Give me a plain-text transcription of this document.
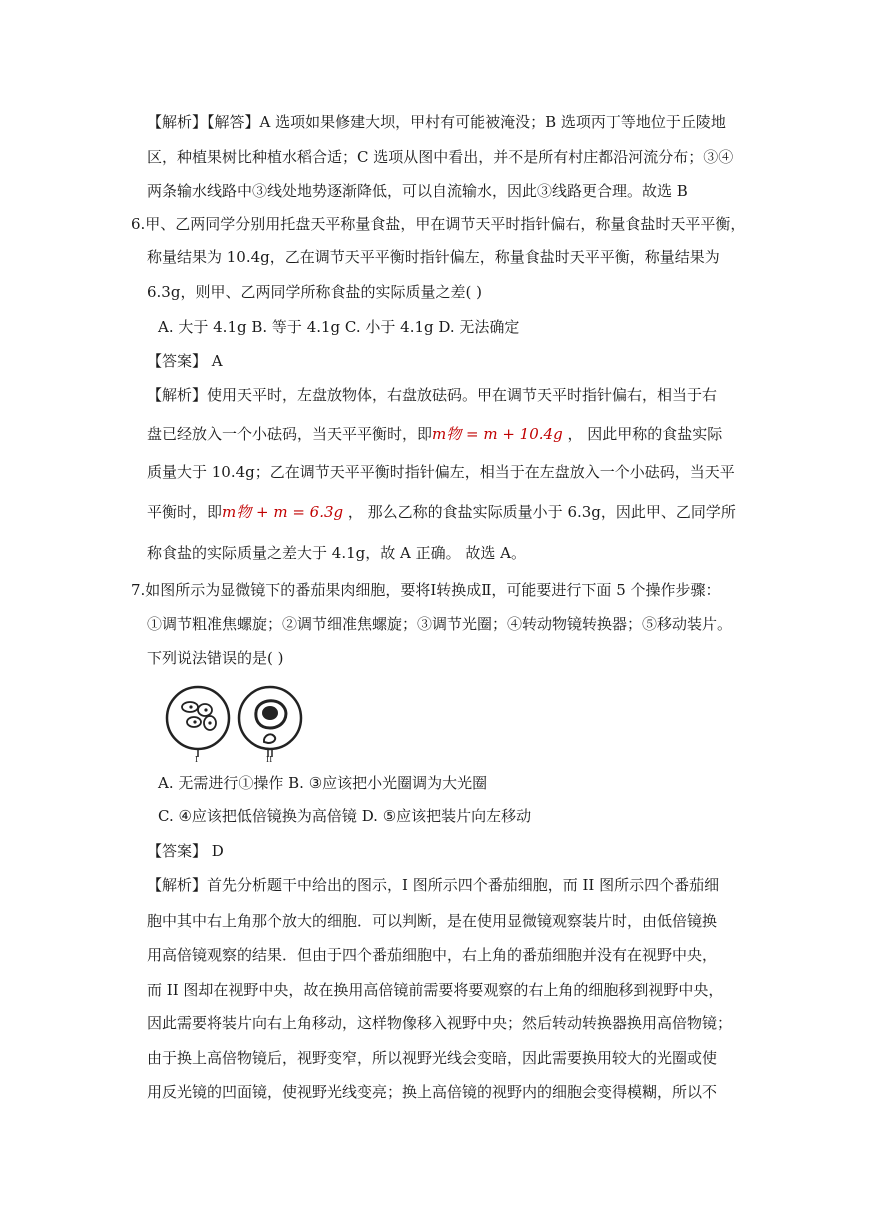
【解析】【解答】A 选项如果修建大坝，甲村有可能被淹没；B 选项丙丁等地位于丘陵地
区，种植果树比种植水稻合适；C 选项从图中看出，并不是所有村庄都沿河流分布；③④
两条输水线路中③线处地势逐渐降低，可以自流输水，因此③线路更合理。故选 B
6.甲、乙两同学分别用托盘天平称量食盐，甲在调节天平时指针偏右，称量食盐时天平平衡，
称量结果为 10.4g，乙在调节天平平衡时指针偏左，称量食盐时天平平衡，称量结果为
6.3g，则甲、乙两同学所称食盐的实际质量之差( )
A. 大于 4.1g B. 等于 4.1g C. 小于 4.1g D. 无法确定
【答案】 A
【解析】使用天平时，左盘放物体，右盘放砝码。甲在调节天平时指针偏右，相当于右
盘已经放入一个小砝码，当天平平衡时，即m物 = m + 10.4g ， 因此甲称的食盐实际
质量大于 10.4g；乙在调节天平平衡时指针偏左，相当于在左盘放入一个小砝码，当天平
平衡时，即m物 + m = 6.3g ， 那么乙称的食盐实际质量小于 6.3g，因此甲、乙同学所
称食盐的实际质量之差大于 4.1g，故 A 正确。 故选 A。
7.如图所示为显微镜下的番茄果肉细胞，要将Ⅰ转换成Ⅱ，可能要进行下面 5 个操作步骤：
①调节粗准焦螺旋；②调节细准焦螺旋；③调节光圈；④转动物镜转换器；⑤移动装片。
下列说法错误的是( )
I	II
A. 无需进行①操作 B. ③应该把小光圈调为大光圈
C. ④应该把低倍镜换为高倍镜 D. ⑤应该把装片向左移动
【答案】 D
【解析】首先分析题干中给出的图示，I 图所示四个番茄细胞，而 II 图所示四个番茄细
胞中其中右上角那个放大的细胞．可以判断，是在使用显微镜观察装片时，由低倍镜换
用高倍镜观察的结果．但由于四个番茄细胞中，右上角的番茄细胞并没有在视野中央，
而 II 图却在视野中央，故在换用高倍镜前需要将要观察的右上角的细胞移到视野中央，
因此需要将装片向右上角移动，这样物像移入视野中央；然后转动转换器换用高倍物镜；
由于换上高倍物镜后，视野变窄，所以视野光线会变暗，因此需要换用较大的光圈或使
用反光镜的凹面镜，使视野光线变亮；换上高倍镜的视野内的细胞会变得模糊，所以不
